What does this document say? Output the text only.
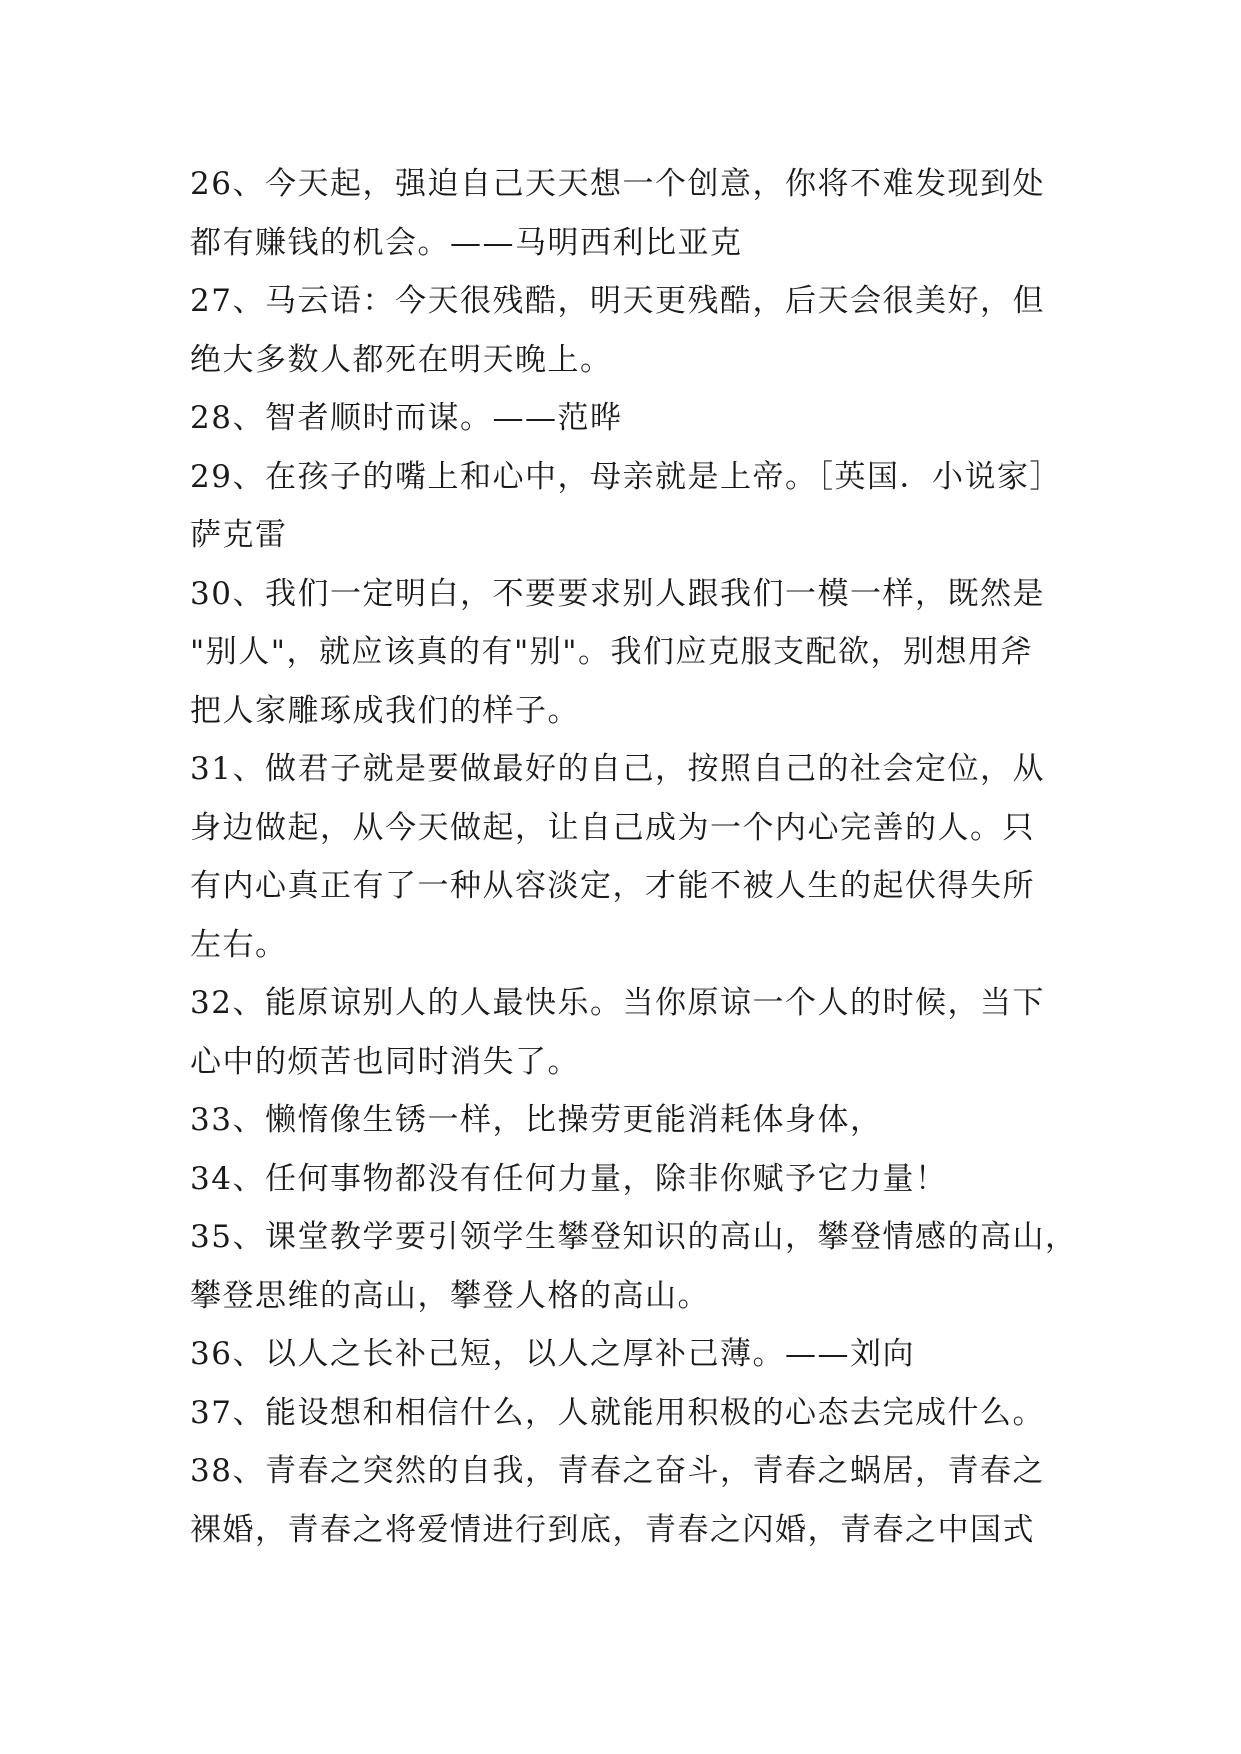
26、今天起，强迫自己天天想一个创意，你将不难发现到处
都有赚钱的机会。——马明西利比亚克
27、马云语：今天很残酷，明天更残酷，后天会很美好，但
绝大多数人都死在明天晚上。
28、智者顺时而谋。——范晔
29、在孩子的嘴上和心中，母亲就是上帝。［英国．小说家］
萨克雷
30、我们一定明白，不要要求别人跟我们一模一样，既然是
"别人"，就应该真的有"别"。我们应克服支配欲，别想用斧
把人家雕琢成我们的样子。
31、做君子就是要做最好的自己，按照自己的社会定位，从
身边做起，从今天做起，让自己成为一个内心完善的人。只
有内心真正有了一种从容淡定，才能不被人生的起伏得失所
左右。
32、能原谅别人的人最快乐。当你原谅一个人的时候，当下
心中的烦苦也同时消失了。
33、懒惰像生锈一样，比操劳更能消耗体身体，
34、任何事物都没有任何力量，除非你赋予它力量！
35、课堂教学要引领学生攀登知识的高山，攀登情感的高山，
攀登思维的高山，攀登人格的高山。
36、以人之长补己短，以人之厚补己薄。——刘向
37、能设想和相信什么，人就能用积极的心态去完成什么。
38、青春之突然的自我，青春之奋斗，青春之蜗居，青春之
裸婚，青春之将爱情进行到底，青春之闪婚，青春之中国式
